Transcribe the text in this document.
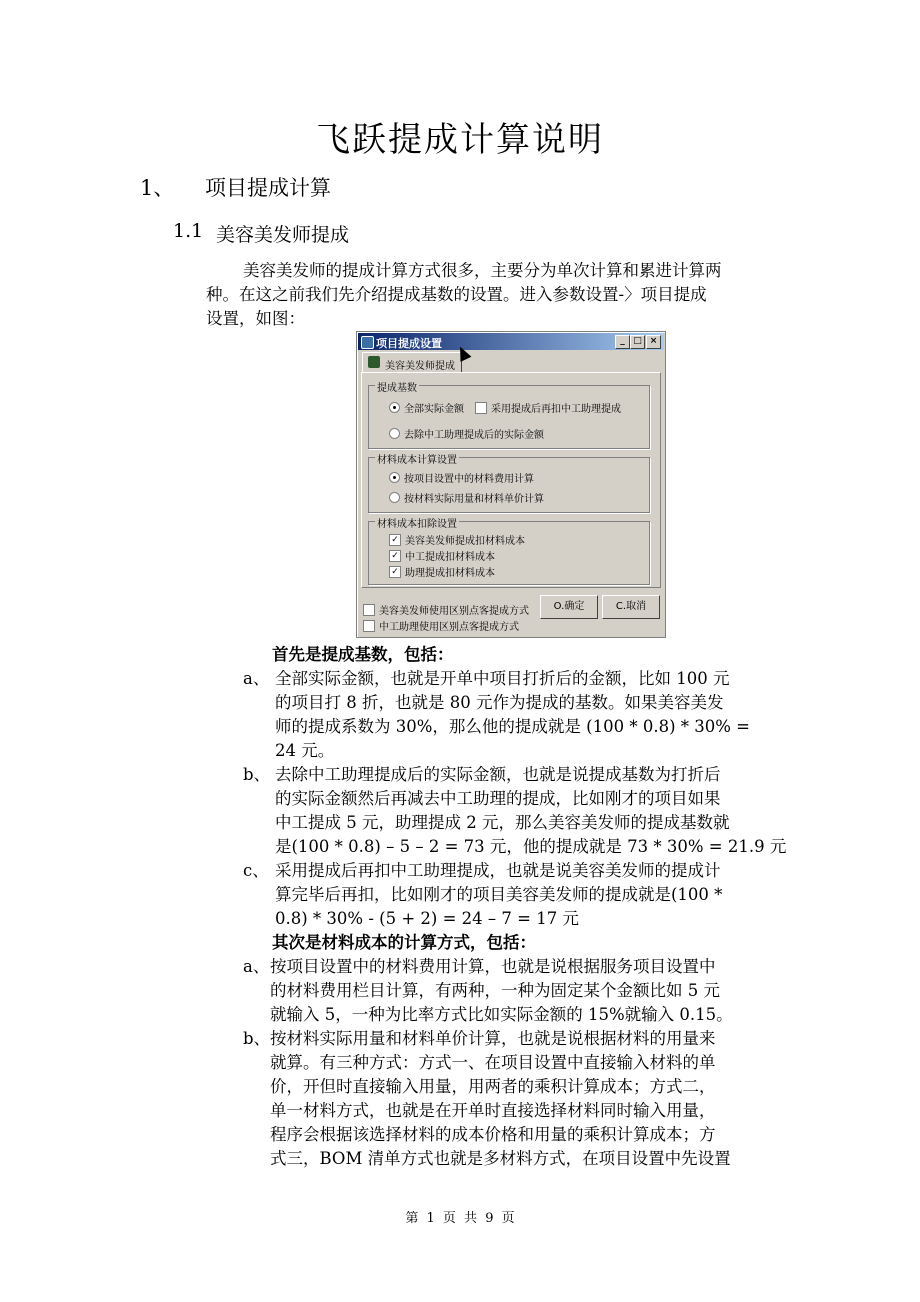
飞跃提成计算说明
1、 项目提成计算
1.1 美容美发师提成
美容美发师的提成计算方式很多，主要分为单次计算和累进计算两
种。在这之前我们先介绍提成基数的设置。进入参数设置-〉项目提成
设置，如图：
项目提成设置	_ □ ×
美容美发师提成
提成基数
全部实际金额	采用提成后再扣中工助理提成
去除中工助理提成后的实际金额
材料成本计算设置
按项目设置中的材料费用计算
按材料实际用量和材料单价计算
材料成本扣除设置
✓ 美容美发师提成扣材料成本
✓ 中工提成扣材料成本
✓ 助理提成扣材料成本
美容美发师使用区别点客提成方式
中工助理使用区别点客提成方式
O.确定	C.取消
首先是提成基数，包括：
a、 全部实际金额，也就是开单中项目打折后的金额，比如 100 元
的项目打 8 折，也就是 80 元作为提成的基数。如果美容美发
师的提成系数为 30%，那么他的提成就是 (100 * 0.8) * 30% =
24 元。
b、 去除中工助理提成后的实际金额，也就是说提成基数为打折后
的实际金额然后再减去中工助理的提成，比如刚才的项目如果
中工提成 5 元，助理提成 2 元，那么美容美发师的提成基数就
是(100 * 0.8) – 5 – 2 = 73 元，他的提成就是 73 * 30% = 21.9 元
c、 采用提成后再扣中工助理提成，也就是说美容美发师的提成计
算完毕后再扣，比如刚才的项目美容美发师的提成就是(100 *
0.8) * 30% - (5 + 2) = 24 – 7 = 17 元
其次是材料成本的计算方式，包括：
a、 按项目设置中的材料费用计算，也就是说根据服务项目设置中
的材料费用栏目计算，有两种，一种为固定某个金额比如 5 元
就输入 5，一种为比率方式比如实际金额的 15%就输入 0.15。
b、 按材料实际用量和材料单价计算，也就是说根据材料的用量来
就算。有三种方式：方式一、在项目设置中直接输入材料的单
价，开但时直接输入用量，用两者的乘积计算成本；方式二，
单一材料方式，也就是在开单时直接选择材料同时输入用量，
程序会根据该选择材料的成本价格和用量的乘积计算成本；方
式三，BOM 清单方式也就是多材料方式，在项目设置中先设置
第 1 页 共 9 页
